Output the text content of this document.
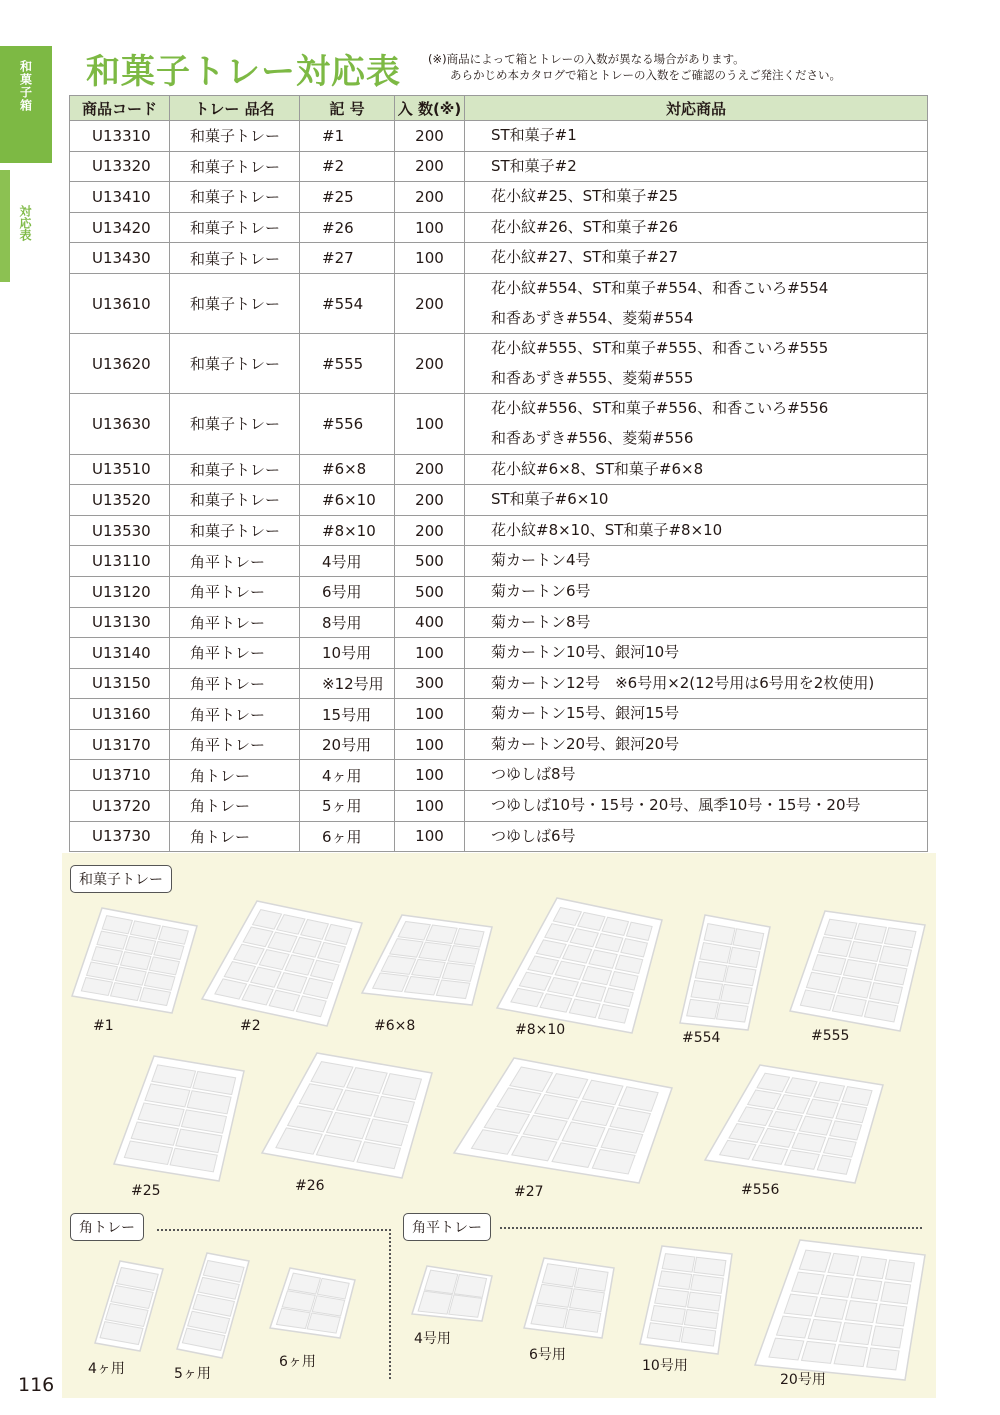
和菓子箱
対応表
和菓子トレー対応表 (※)商品によって箱とトレーの入数が異なる場合があります。
あらかじめ本カタログで箱とトレーの入数をご確認のうえご発注ください。
商品コード	トレー 品名	記 号	入 数(※)	対応商品
U13310	和菓子トレー	#1	200	ST和菓子#1

U13320	和菓子トレー	#2	200	ST和菓子#2

U13410	和菓子トレー	#25	200	花小紋#25、ST和菓子#25

U13420	和菓子トレー	#26	100	花小紋#26、ST和菓子#26

U13430	和菓子トレー	#27	100	花小紋#27、ST和菓子#27

U13610	和菓子トレー	#554	200	花小紋#554、ST和菓子#554、和香こいろ#554
和香あずき#554、菱菊#554

U13620	和菓子トレー	#555	200	花小紋#555、ST和菓子#555、和香こいろ#555
和香あずき#555、菱菊#555

U13630	和菓子トレー	#556	100	花小紋#556、ST和菓子#556、和香こいろ#556
和香あずき#556、菱菊#556

U13510	和菓子トレー	#6×8	200	花小紋#6×8、ST和菓子#6×8

U13520	和菓子トレー	#6×10	200	ST和菓子#6×10

U13530	和菓子トレー	#8×10	200	花小紋#8×10、ST和菓子#8×10

U13110	角平トレー	4号用	500	菊カートン4号

U13120	角平トレー	6号用	500	菊カートン6号

U13130	角平トレー	8号用	400	菊カートン8号

U13140	角平トレー	10号用	100	菊カートン10号、銀河10号

U13150	角平トレー	※12号用	300	菊カートン12号　※6号用×2(12号用は6号用を2枚使用)

U13160	角平トレー	15号用	100	菊カートン15号、銀河15号

U13170	角平トレー	20号用	100	菊カートン20号、銀河20号

U13710	角トレー	4ヶ用	100	つゆしば8号

U13720	角トレー	5ヶ用	100	つゆしば10号・15号・20号、風季10号・15号・20号

U13730	角トレー	6ヶ用	100	つゆしば6号
和菓子トレー
角トレー	角平トレー
#1	#2	#6×8	#8×10	#554	#555
#25	#26	#27	#556
4ヶ用	5ヶ用
6ヶ用
4号用
6号用
10号用
20号用
116
